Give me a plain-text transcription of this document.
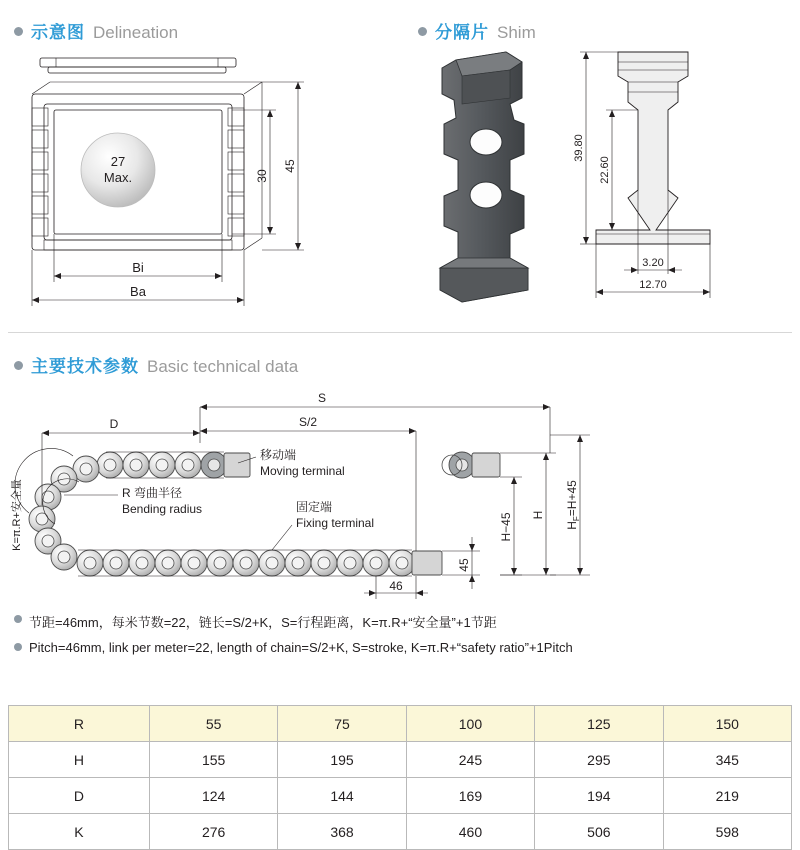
示意图 Delineation	分隔片 Shim
主要技术参数 Basic technical data
27
Max.	30
45
Bi
Ba
39.80
22.60
3.20
12.70
S
S/2
D
K=π.R+安全量
移动端
Moving terminal
R 弯曲半径
Bending radius	固定端
Fixing terminal
46
45
H−45 H
$H_F=H+45$
节距=46mm，每米节数=22，链长=S/2+K，S=行程距离，K=π.R+“安全量”+1节距
Pitch=46mm, link per meter=22, length of chain=S/2+K, S=stroke, K=π.R+“safety ratio”+1Pitch
R	55	75	100	125	150
H	155	195	245	295	345
D	124	144	169	194	219
K	276	368	460	506	598
